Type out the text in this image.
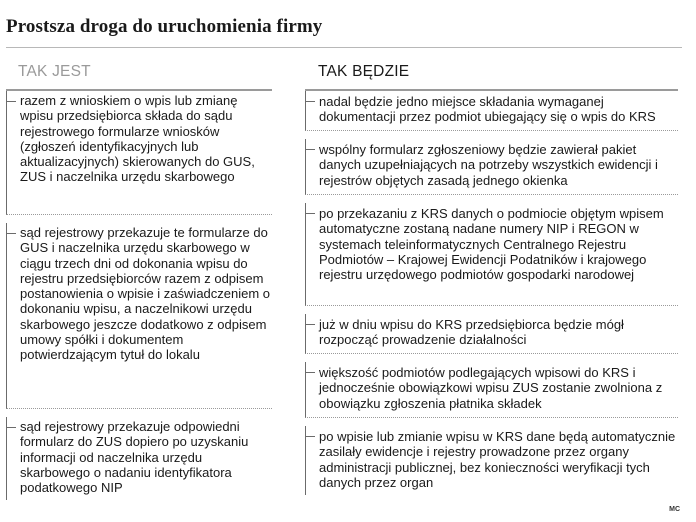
Prostsza droga do uruchomienia firmy
TAK JEST	TAK BĘDZIE
razem z wnioskiem o wpis lub zmianę wpisu przedsiębiorca składa do sądu rejestrowego formularze wniosków (zgłoszeń identyfikacyjnych lub aktualizacyjnych) skierowanych do GUS, ZUS i naczelnika urzędu skarbowego
sąd rejestrowy przekazuje te formularze do GUS i naczelnika urzędu skarbowego w ciągu trzech dni od dokonania wpisu do rejestru przedsiębiorców razem z odpisem postanowienia o wpisie i zaświadczeniem o dokonaniu wpisu, a naczelnikowi urzędu skarbowego jeszcze dodatkowo z odpisem umowy spółki i dokumentem potwierdzającym tytuł do lokalu
sąd rejestrowy przekazuje odpowiedni formularz do ZUS dopiero po uzyskaniu informacji od naczelnika urzędu skarbowego o nadaniu identyfikatora podatkowego NIP
nadal będzie jedno miejsce składania wymaganej dokumentacji przez podmiot ubiegający się o wpis do KRS
wspólny formularz zgłoszeniowy będzie zawierał pakiet danych uzupełniających na potrzeby wszystkich ewidencji i rejestrów objętych zasadą jednego okienka
po przekazaniu z KRS danych o podmiocie objętym wpisem automatyczne zostaną nadane numery NIP i REGON w systemach teleinformatycznych Centralnego Rejestru Podmiotów – Krajowej Ewidencji Podatników i krajowego rejestru urzędowego podmiotów gospodarki narodowej
już w dniu wpisu do KRS przedsiębiorca będzie mógł rozpocząć prowadzenie działalności
większość podmiotów podlegających wpisowi do KRS i jednocześnie obowiązkowi wpisu ZUS zostanie zwolniona z obowiązku zgłoszenia płatnika składek
po wpisie lub zmianie wpisu w KRS dane będą automatycznie zasilały ewidencje i rejestry prowadzone przez organy administracji publicznej, bez konieczności weryfikacji tych danych przez organ
MC
